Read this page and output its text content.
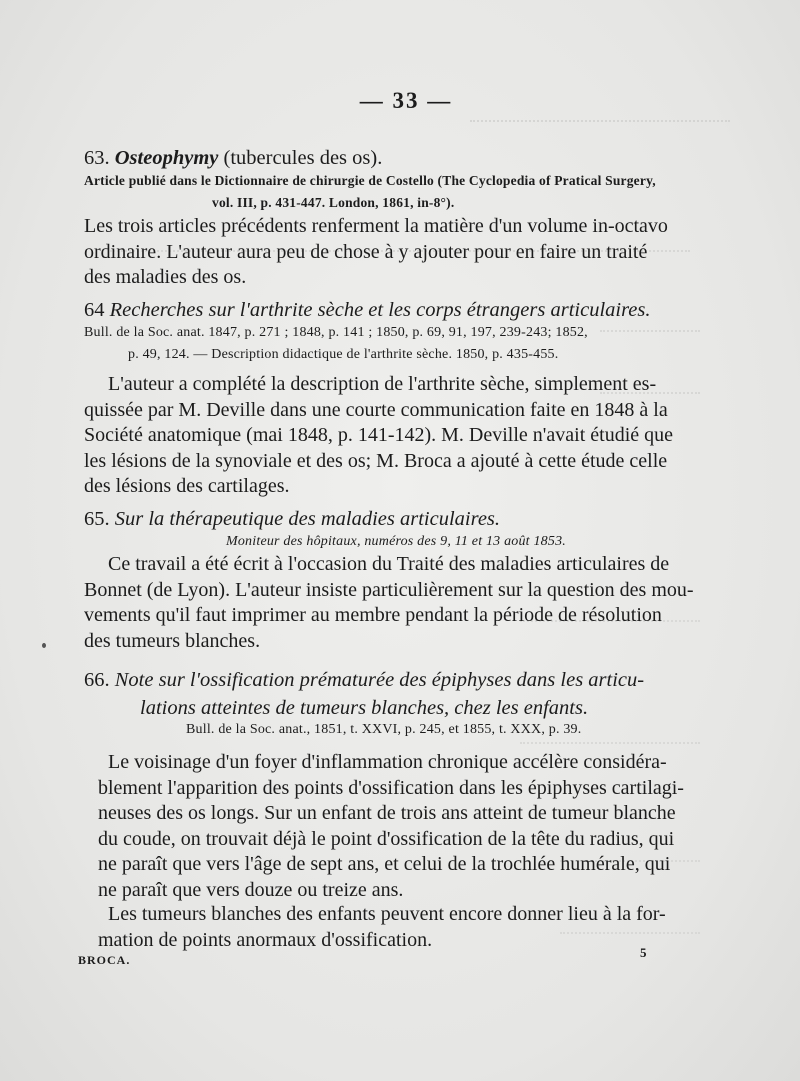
— 33 —
63. Osteophymy (tubercules des os).
Article publié dans le Dictionnaire de chirurgie de Costello (The Cyclopedia of Pratical Surgery,
vol. III, p. 431-447. London, 1861, in-8°).
Les trois articles précédents renferment la matière d'un volume in-octavo
ordinaire. L'auteur aura peu de chose à y ajouter pour en faire un traité
des maladies des os.
64 Recherches sur l'arthrite sèche et les corps étrangers articulaires.
Bull. de la Soc. anat. 1847, p. 271 ; 1848, p. 141 ; 1850, p. 69, 91, 197, 239-243; 1852,
p. 49, 124. — Description didactique de l'arthrite sèche. 1850, p. 435-455.
L'auteur a complété la description de l'arthrite sèche, simplement es-
quissée par M. Deville dans une courte communication faite en 1848 à la
Société anatomique (mai 1848, p. 141-142). M. Deville n'avait étudié que
les lésions de la synoviale et des os; M. Broca a ajouté à cette étude celle
des lésions des cartilages.
65. Sur la thérapeutique des maladies articulaires.
Moniteur des hôpitaux, numéros des 9, 11 et 13 août 1853.
Ce travail a été écrit à l'occasion du Traité des maladies articulaires de
Bonnet (de Lyon). L'auteur insiste particulièrement sur la question des mou-
vements qu'il faut imprimer au membre pendant la période de résolution
des tumeurs blanches.
66. Note sur l'ossification prématurée des épiphyses dans les articu-
lations atteintes de tumeurs blanches, chez les enfants.
Bull. de la Soc. anat., 1851, t. XXVI, p. 245, et 1855, t. XXX, p. 39.
Le voisinage d'un foyer d'inflammation chronique accélère considéra-
blement l'apparition des points d'ossification dans les épiphyses cartilagi-
neuses des os longs. Sur un enfant de trois ans atteint de tumeur blanche
du coude, on trouvait déjà le point d'ossification de la tête du radius, qui
ne paraît que vers l'âge de sept ans, et celui de la trochlée humérale, qui
ne paraît que vers douze ou treize ans.
Les tumeurs blanches des enfants peuvent encore donner lieu à la for-
mation de points anormaux d'ossification.
BROCA.	5
